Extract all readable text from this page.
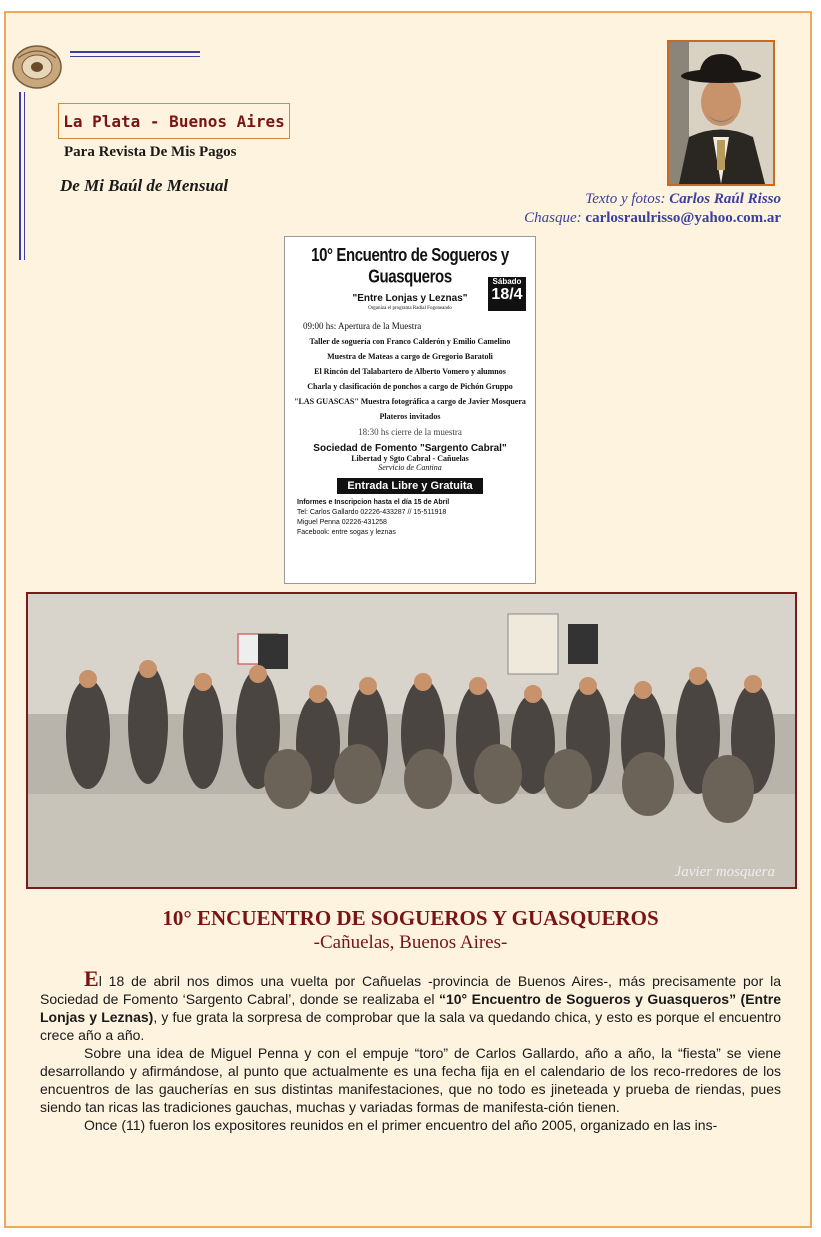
La Plata - Buenos Aires
Para Revista De Mis Pagos
De Mi Baúl de Mensual
Texto y fotos: Carlos Raúl Risso
Chasque: carlosraulrisso@yahoo.com.ar
10° Encuentro de Sogueros y Guasqueros
"Entre Lonjas y Leznas"
Organiza el programa Radial Fogoneando
Sábado
18/4
09:00 hs: Apertura de la Muestra
Taller de soguería con Franco Calderón y Emilio Camelino
Muestra de Mateas a cargo de Gregorio Baratoli
El Rincón del Talabartero de Alberto Vomero y alumnos
Charla y clasificación de ponchos a cargo de Pichón Gruppo
"LAS GUASCAS" Muestra fotográfica a cargo de Javier Mosquera
Plateros invitados
18:30 hs cierre de la muestra
Sociedad de Fomento "Sargento Cabral"
Libertad y Sgto Cabral - Cañuelas
Servicio de Cantina
Entrada Libre y Gratuita
Informes e Inscripcion hasta el día 15 de Abril
Tel: Carlos Gallardo 02226-433287 // 15-511918
Miguel Penna 02226-431258
Facebook: entre sogas y leznas
Javier mosquera
10° ENCUENTRO DE SOGUEROS Y GUASQUEROS
-Cañuelas, Buenos Aires-

El 18 de abril nos dimos una vuelta por Cañuelas -provincia de Buenos Aires-, más precisamente por la Sociedad de Fomento ‘Sargento Cabral’, donde se realizaba el “10° Encuentro de Sogueros y Guasqueros” (Entre Lonjas y Leznas), y fue grata la sorpresa de comprobar que la sala va quedando chica, y esto es porque el encuentro crece año a año.

Sobre una idea de Miguel Penna y con el empuje “toro” de Carlos Gallardo, año a año, la “fiesta” se viene desarrollando y afirmándose, al punto que actualmente es una fecha fija en el calendario de los reco-rredores de los encuentros de las gaucherías en sus distintas manifestaciones, que no todo es jineteada y prueba de riendas, pues siendo tan ricas las tradiciones gauchas, muchas y variadas formas de manifesta-ción tienen.

Once (11) fueron los expositores reunidos en el primer encuentro del año 2005, organizado en las ins-
